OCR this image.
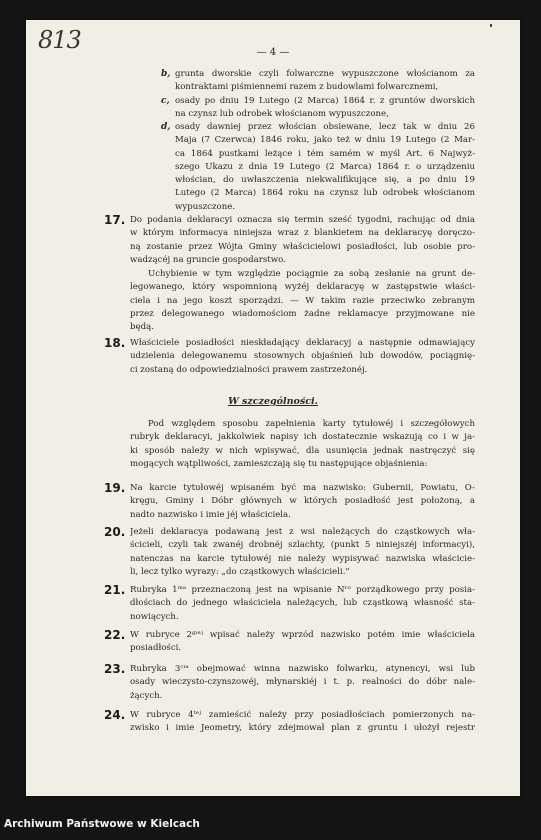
813	— 4 —
b, grunta dworskie czyli folwarczne wypuszczone włościanom za
kontraktami piśmiennemi razem z budowlami folwarcznemi,
c, osady po dniu 19 Lutego (2 Marca) 1864 r. z gruntów dworskich
na czynsz lub odrobek włościanom wypuszczone,
d, osady dawniej przez włościan obsiewane, lecz tak w dniu 26
Maja (7 Czerwca) 1846 roku, jako też w dniu 19 Lutego (2 Mar-
ca 1864 pustkami leżące i tém samém w myśl Art. 6 Najwyż-
szego Ukazu z dnia 19 Lutego (2 Marca) 1864 r. o urządzeniu
włościan, do uwłaszczenia niekwalifikujące się, a po dniu 19
Lutego (2 Marca) 1864 roku na czynsz lub odrobek włościanom
wypuszczone.
17. Do podania deklaracyi oznacza się termin sześć tygodni, rachując od dnia
w którym informacya niniejsza wraz z blankietem na deklaracyę doręczo-
ną zostanie przez Wójta Gminy właścicielowi posiadłości, lub osobie pro-
wadzącéj na gruncie gospodarstwo.
Uchybienie w tym względzie pociągnie za sobą zesłanie na grunt de-
legowanego, który wspomnioną wyżéj deklaracyę w zastępstwie właści-
ciela i na jego koszt sporządzi. — W takim razie przeciwko zebranym
przez delegowanego wiadomościom żadne reklamacye przyjmowane nie
będą.
18. Właściciele posiadłości nieskładający deklaracyj a następnie odmawiający
udzielenia delegowanemu stosownych objaśnień lub dowodów, pociągnię-
ci zostaną do odpowiedzialności prawem zastrzeżonéj.
W szczególności.
Pod względem sposobu zapełnienia karty tytułowéj i szczegółowych
rubryk deklaracyi, jakkolwiek napisy ich dostatecznie wskazują co i w ja-
ki sposób należy w nich wpisywać, dla usunięcia jednak nastręczyć się
mogących wątpliwości, zamieszczają się tu następujące objaśnienia:
19. Na karcie tytułowéj wpisaném być ma nazwisko: Gubernii, Powiatu, O-
kręgu, Gminy i Dóbr głównych w których posiadłość jest położoną, a
nadto nazwisko i imie jéj właściciela.
20. Jeżeli deklaracya podawaną jest z wsi należących do cząstkowych wła-
ścicieli, czyli tak zwanéj drobnéj szlachty, (punkt 5 niniejszéj informacyi),
natenczas na karcie tytułowéj nie należy wypisywać nazwiska właścicie-
li, lecz tylko wyrazy: „do cząstkowych właścicieli."
21. Rubryka 1ᵐᵃ przeznaczoną jest na wpisanie Nʳᵒ porządkowego przy posia-
dłościach do jednego właściciela należących, lub cząstkową własność sta-
nowiących.
22. W rubryce 2ᵍᶦᵉʲ wpisać należy wprzód nazwisko potém imie właściciela
posiadłości.
23. Rubryka 3ᶜᶦᵃ obejmować winna nazwisko folwarku, atynencyi, wsi lub
osady wieczysto-czynszowéj, młynarskiéj i t. p. realności do dóbr nale-
żących.
24. W rubryce 4ᵗᵉʲ zamieścić należy przy posiadłościach pomierzonych na-
zwisko i imie Jeometry, który zdejmował plan z gruntu i ułożył rejestr
Archiwum Państwowe w Kielcach
